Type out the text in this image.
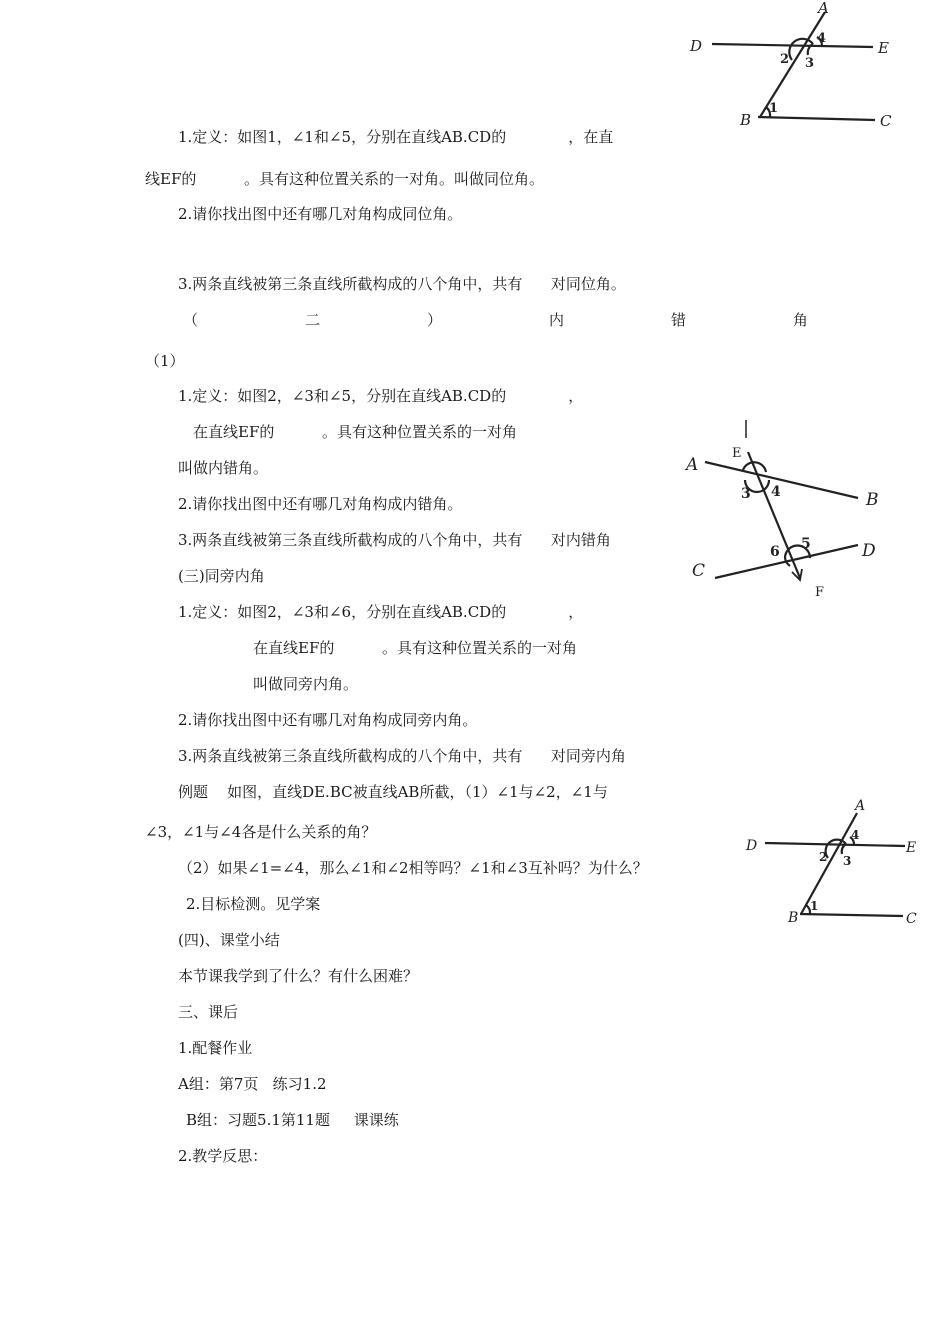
A
D	E
B	C
1
2 3
4
A
E
B
C
D
F
3 4
5
6
A
D	E
B	C
1
2 3
4
1.定义：如图1，∠1和∠5，分别在直线AB.CD的             ，在直
线EF的          。具有这种位置关系的一对角。叫做同位角。
2.请你找出图中还有哪几对角构成同位角。
3.两条直线被第三条直线所截构成的八个角中，共有      对同位角。
（	二	）	内	错	角
（1）
1.定义：如图2，∠3和∠5，分别在直线AB.CD的             ，
在直线EF的          。具有这种位置关系的一对角
叫做内错角。
2.请你找出图中还有哪几对角构成内错角。
3.两条直线被第三条直线所截构成的八个角中，共有      对内错角
(三)同旁内角
1.定义：如图2，∠3和∠6，分别在直线AB.CD的             ，
在直线EF的          。具有这种位置关系的一对角
叫做同旁内角。
2.请你找出图中还有哪几对角构成同旁内角。
3.两条直线被第三条直线所截构成的八个角中，共有      对同旁内角
例题    如图，直线DE.BC被直线AB所截，（1）∠1与∠2，∠1与
∠3，∠1与∠4各是什么关系的角？
（2）如果∠1=∠4，那么∠1和∠2相等吗？∠1和∠3互补吗？为什么？
2.目标检测。见学案
(四)、课堂小结
本节课我学到了什么？有什么困难？
三、课后
1.配餐作业
A组：第7页   练习1.2
B组：习题5.1第11题     课课练
2.教学反思：
